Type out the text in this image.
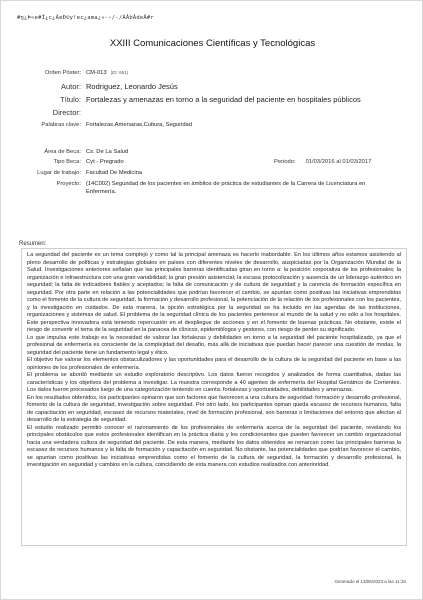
#ŋ¿Þ«e#Í¿c¿ÃeÐ©y!ec¿ama¿«-‹/-/ÃÂbÂdeÄ#r
XXIII Comunicaciones Científicas y Tecnológicas
Orden Póster: CM-013 (ID: 651)
Autor: Rodriguez, Leonardo Jesús
Título: Fortalezas y amenazas en torno a la seguridad del paciente en hospitales públicos
Director:
Palabras clave: Fortalezas,Amenazas,Cultura, Seguridad
Área de Beca: Cs. De La Salud
Tipo Beca: Cyt - Pregrado	Periodo: 01/03/2016 al 01/03/2017
Lugar de trabajo: Facultad De Medicina
Proyecto: (14C002) Seguridad de los pacientes en ámbitos de práctica de estudiantes de la Carrera de Licenciatura en Enfermería.
Resumen:

La seguridad del paciente es un tema complejo y como tal la principal amenaza es hacerlo inabordable. En los últimos años estamos asistiendo al pleno desarrollo de políticas y estrategias globales en países con diferentes niveles de desarrollo, auspiciadas por la Organización Mundial de la Salud. Investigaciones anteriores señalan que las principales barreras identificadas giran en torno a: la posición corporativa de los profesionales; la organización e infraestructura con una gran variabilidad; la gran presión asistencial; la escasa protocolización y ausencia de un liderazgo auténtico en seguridad; la falta de indicadores fiables y aceptados; la falta de comunicación y de cultura de seguridad y la carencia de formación específica en seguridad. Por otra parte en relación a las potencialidades que podrían favorecer el cambio, se apuntan como positivas las iniciativas emprendidas como el fomento de la cultura de seguridad, la formación y desarrollo profesional, la potenciación de la relación de los profesionales con los pacientes, y la investigación en cuidados. De esta manera, la opción estratégica por la seguridad se ha incluido en las agendas de las instituciones, organizaciones y sistemas de salud. El problema de la seguridad clínica de los pacientes pertenece al mundo de la salud y no sólo a los hospitales. Este perspectiva innovadora está teniendo repercusión en el despliegue de acciones y en el fomento de buenas prácticas. No obstante, existe el riesgo de convertir el tema de la seguridad en la panacea de clínicos, epidemiólogos y gestores, con riesgo de perder su significado.

Lo que impulsa este trabajo es la necesidad de valorar las fortalezas y debilidades en torno a la seguridad del paciente hospitalizado, ya que el profesional de enfermería es consciente de la complejidad del desafío, más allá de iniciativas que puedan hacer parecer una cuestión de modas, la seguridad del paciente tiene un fundamento legal y ético.

El objetivo fue valorar los elementos obstaculizadores y las oportunidades para el desarrollo de la cultura de la seguridad del paciente en base a las opiniones de los profesionales de enfermería.

El problema se abordó mediante un estudio exploratorio descriptivo. Los datos fueron recogidos y analizados de forma cuantitativa, dadas las características y los objetivos del problema a investigar. La muestra corresponde a 40 agentes de enfermería del Hospital Geriátrico de Corrientes. Los datos fueron procesados luego de una categorización teniendo en cuenta: fortalezas y oportunidades, debilidades y amenazas.

En los resultados obtenidos, los participantes opinaron que son factores que favorecen a una cultura de seguridad: formación y desarrollo profesional, fomento de la cultura de seguridad, investigación sobre seguridad. Por otro lado, los participantes opinan queda escasez de recursos humanos, falta de capacitación en seguridad, escasez de recursos materiales, nivel de formación profesional, son barreras o limitaciones del entorno que afectan al desarrollo de la estrategia de seguridad.

El estudio realizado permitió conocer el razonamiento de los profesionales de enfermería acerca de la seguridad del paciente, revelando los principales obstáculos que estos profesionales identifican en la práctica diaria y los condicionantes que pueden favorecer un cambio organizacional hacia una verdadera cultura de seguridad del paciente. De esta manera, mediante los datos obtenidos se remarcan como las principales barreras la escasez de recursos humanos y la falta de formación y capacitación en seguridad. No obstante, las potencialidades que podrían favorecer el cambio, se apuntan como positivas las iniciativas emprendidas como el fomento de la cultura de seguridad, la formación y desarrollo profesional, la investigación en seguridad y cambios en la cultura, coincidiendo de esta manera con estudios realizados con anterioridad.

Generado el 13/06/2023 a las 11:32
